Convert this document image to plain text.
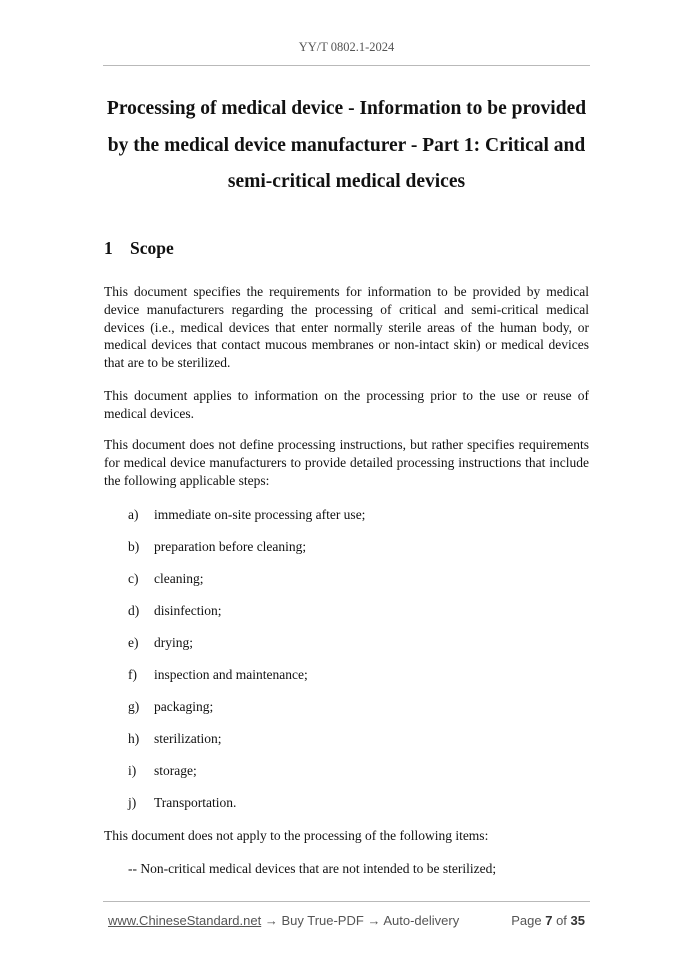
YY/T 0802.1-2024
Processing of medical device - Information to be provided by the medical device manufacturer - Part 1: Critical and semi-critical medical devices
1 Scope

This document specifies the requirements for information to be provided by medical device manufacturers regarding the processing of critical and semi-critical medical devices (i.e., medical devices that enter normally sterile areas of the human body, or medical devices that contact mucous membranes or non-intact skin) or medical devices that are to be sterilized.

This document applies to information on the processing prior to the use or reuse of medical devices.

This document does not define processing instructions, but rather specifies requirements for medical device manufacturers to provide detailed processing instructions that include the following applicable steps:

a) immediate on-site processing after use;
b) preparation before cleaning;
c) cleaning;
d) disinfection;
e) drying;
f) inspection and maintenance;
g) packaging;
h) sterilization;
i) storage;
j) Transportation.

This document does not apply to the processing of the following items:

-- Non-critical medical devices that are not intended to be sterilized;
www.ChineseStandard.net → Buy True-PDF → Auto-delivery	Page 7 of 35
